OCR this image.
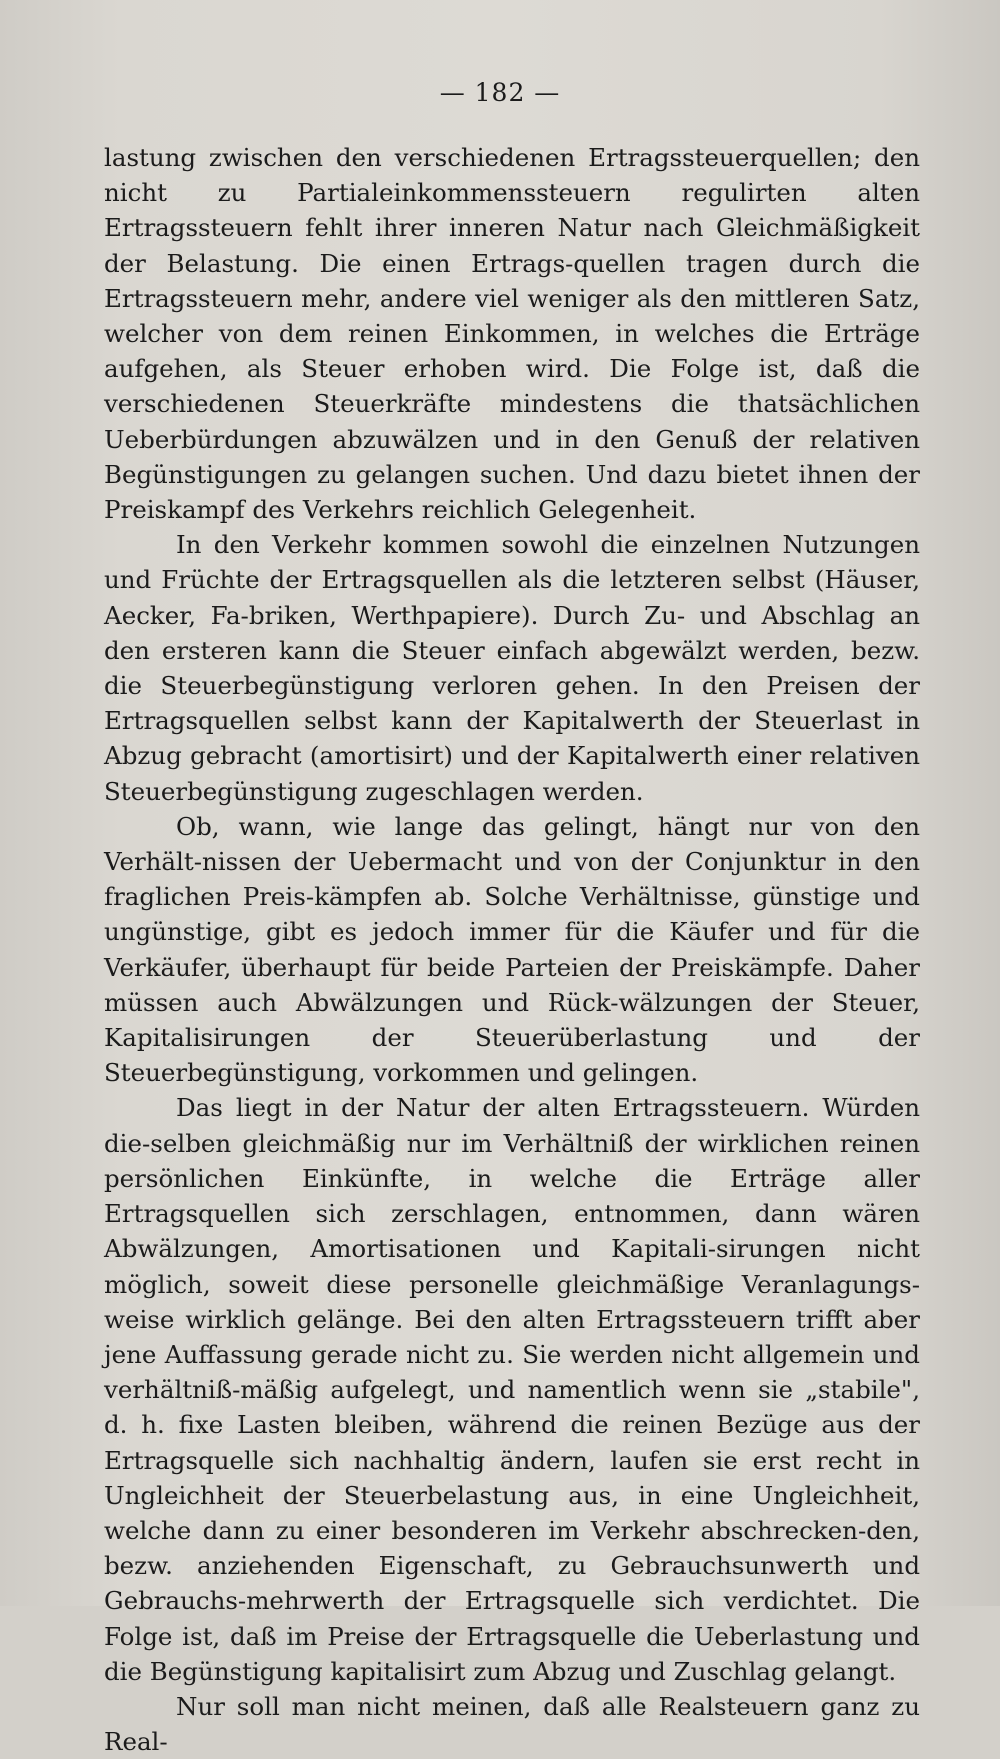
— 182 —

lastung zwischen den verschiedenen Ertragssteuerquellen; den nicht zu Partialeinkommenssteuern regulirten alten Ertragssteuern fehlt ihrer inneren Natur nach Gleichmäßigkeit der Belastung. Die einen Ertrags-quellen tragen durch die Ertragssteuern mehr, andere viel weniger als den mittleren Satz, welcher von dem reinen Einkommen, in welches die Erträge aufgehen, als Steuer erhoben wird. Die Folge ist, daß die verschiedenen Steuerkräfte mindestens die thatsächlichen Ueberbürdungen abzuwälzen und in den Genuß der relativen Begünstigungen zu gelangen suchen. Und dazu bietet ihnen der Preiskampf des Verkehrs reichlich Gelegenheit.

In den Verkehr kommen sowohl die einzelnen Nutzungen und Früchte der Ertragsquellen als die letzteren selbst (Häuser, Aecker, Fa-briken, Werthpapiere). Durch Zu- und Abschlag an den ersteren kann die Steuer einfach abgewälzt werden, bezw. die Steuerbegünstigung verloren gehen. In den Preisen der Ertragsquellen selbst kann der Kapitalwerth der Steuerlast in Abzug gebracht (amortisirt) und der Kapitalwerth einer relativen Steuerbegünstigung zugeschlagen werden.

Ob, wann, wie lange das gelingt, hängt nur von den Verhält-nissen der Uebermacht und von der Conjunktur in den fraglichen Preis-kämpfen ab. Solche Verhältnisse, günstige und ungünstige, gibt es jedoch immer für die Käufer und für die Verkäufer, überhaupt für beide Parteien der Preiskämpfe. Daher müssen auch Abwälzungen und Rück-wälzungen der Steuer, Kapitalisirungen der Steuerüberlastung und der Steuerbegünstigung, vorkommen und gelingen.

Das liegt in der Natur der alten Ertragssteuern. Würden die-selben gleichmäßig nur im Verhältniß der wirklichen reinen persönlichen Einkünfte, in welche die Erträge aller Ertragsquellen sich zerschlagen, entnommen, dann wären Abwälzungen, Amortisationen und Kapitali-sirungen nicht möglich, soweit diese personelle gleichmäßige Veranlagungs-weise wirklich gelänge. Bei den alten Ertragssteuern trifft aber jene Auffassung gerade nicht zu. Sie werden nicht allgemein und verhältniß-mäßig aufgelegt, und namentlich wenn sie „stabile", d. h. fixe Lasten bleiben, während die reinen Bezüge aus der Ertragsquelle sich nachhaltig ändern, laufen sie erst recht in Ungleichheit der Steuerbelastung aus, in eine Ungleichheit, welche dann zu einer besonderen im Verkehr abschrecken-den, bezw. anziehenden Eigenschaft, zu Gebrauchsunwerth und Gebrauchs-mehrwerth der Ertragsquelle sich verdichtet. Die Folge ist, daß im Preise der Ertragsquelle die Ueberlastung und die Begünstigung kapitalisirt zum Abzug und Zuschlag gelangt.

Nur soll man nicht meinen, daß alle Realsteuern ganz zu Real-
